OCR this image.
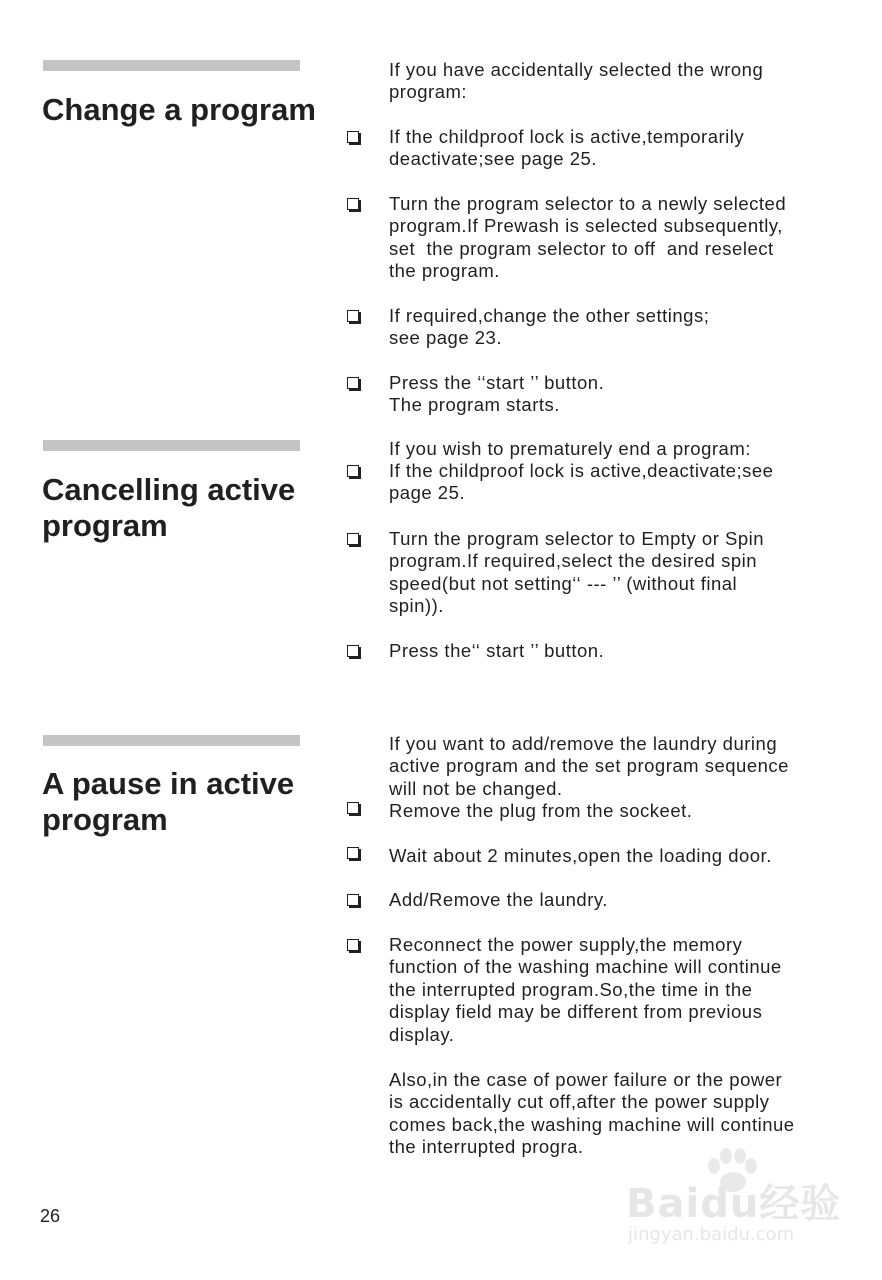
Change a program

If you have accidentally selected the wrong
program:

If the childproof lock is active,temporarily
deactivate;see page 25.

Turn the program selector to a newly selected
program.If Prewash is selected subsequently,
set  the program selector to off  and reselect
the program.

If required,change the other settings;
see page 23.

Press the ‘‘start ’’ button.
The program starts.

Cancelling active
program

If you wish to prematurely end a program:

If the childproof lock is active,deactivate;see
page 25.

Turn the program selector to Empty or Spin
program.If required,select the desired spin
speed(but not setting‘‘ --- ’’ (without final
spin)).

Press the‘‘ start ’’ button.

A pause in active
program

If you want to add/remove the laundry during
active program and the set program sequence
will not be changed.

Remove the plug from the sockeet.

Wait about 2 minutes,open the loading door.

Add/Remove the laundry.

Reconnect the power supply,the memory
function of the washing machine will continue
the interrupted program.So,the time in the
display field may be different from previous
display.

Also,in the case of power failure or the power
is accidentally cut off,after the power supply
comes back,the washing machine will continue
the interrupted progra.

26	Baidu经验
jingyan.baidu.com
